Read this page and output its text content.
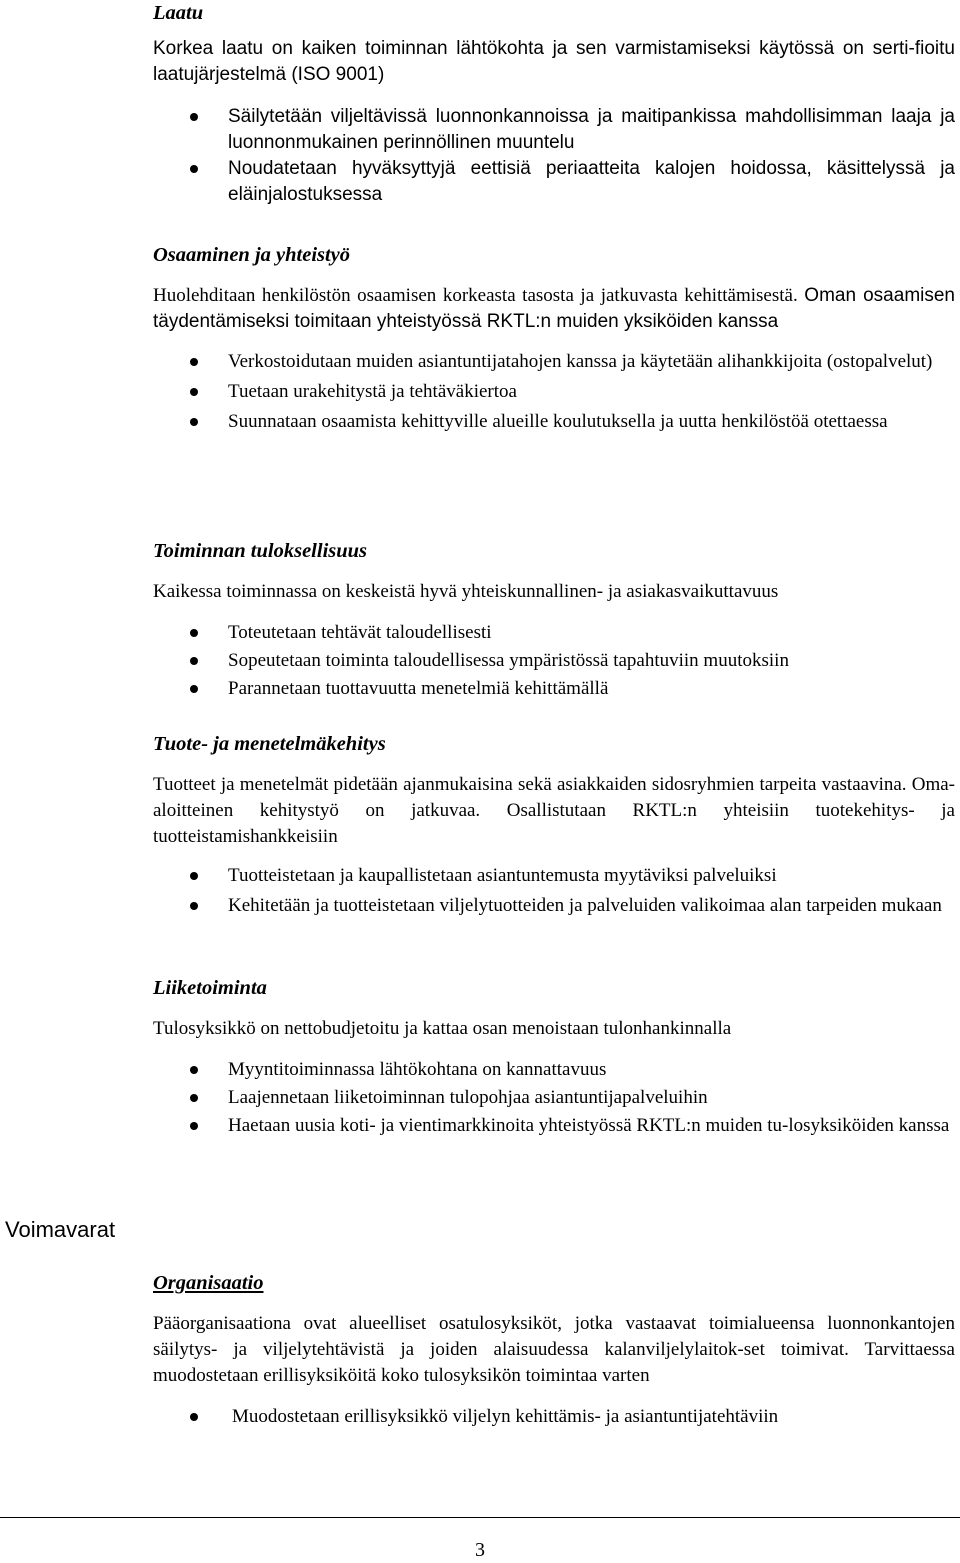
Laatu

Korkea laatu on kaiken toiminnan lähtökohta ja sen varmistamiseksi käytössä on serti-fioitu laatujärjestelmä (ISO 9001)

Säilytetään viljeltävissä luonnonkannoissa ja maitipankissa mahdollisimman laaja ja luonnonmukainen perinnöllinen muuntelu
Noudatetaan hyväksyttyjä eettisiä periaatteita kalojen hoidossa, käsittelyssä ja eläinjalostuksessa
Osaaminen ja yhteistyö

Huolehditaan henkilöstön osaamisen korkeasta tasosta ja jatkuvasta kehittämisestä. Oman osaamisen täydentämiseksi toimitaan yhteistyössä RKTL:n muiden yksiköiden kanssa

Verkostoidutaan muiden asiantuntijatahojen kanssa ja käytetään alihankkijoita (ostopalvelut)
Tuetaan urakehitystä ja tehtäväkiertoa
Suunnataan osaamista kehittyville alueille koulutuksella ja uutta henkilöstöä otettaessa
Toiminnan tuloksellisuus

Kaikessa toiminnassa on keskeistä hyvä yhteiskunnallinen- ja asiakasvaikuttavuus

Toteutetaan tehtävät taloudellisesti
Sopeutetaan toiminta taloudellisessa ympäristössä tapahtuviin muutoksiin
Parannetaan tuottavuutta menetelmiä kehittämällä
Tuote- ja menetelmäkehitys

Tuotteet ja menetelmät pidetään ajanmukaisina sekä asiakkaiden sidosryhmien tarpeita vastaavina. Oma-aloitteinen kehitystyö on jatkuvaa. Osallistutaan RKTL:n yhteisiin tuotekehitys- ja tuotteistamishankkeisiin

Tuotteistetaan ja kaupallistetaan asiantuntemusta myytäviksi palveluiksi
Kehitetään ja tuotteistetaan viljelytuotteiden ja palveluiden valikoimaa alan tarpeiden mukaan
Liiketoiminta

Tulosyksikkö on nettobudjetoitu ja kattaa osan menoistaan tulonhankinnalla

Myyntitoiminnassa lähtökohtana on kannattavuus
Laajennetaan liiketoiminnan tulopohjaa asiantuntijapalveluihin
Haetaan uusia koti- ja vientimarkkinoita yhteistyössä RKTL:n muiden tu-losyksiköiden kanssa
Organisaatio

Pääorganisaationa ovat alueelliset osatulosyksiköt, jotka vastaavat toimialueensa luonnonkantojen säilytys- ja viljelytehtävistä ja joiden alaisuudessa kalanviljelylaitok-set toimivat. Tarvittaessa muodostetaan erillisyksiköitä koko tulosyksikön toimintaa varten

Muodostetaan erillisyksikkö viljelyn kehittämis- ja asiantuntijatehtäviin
Voimavarat
3
